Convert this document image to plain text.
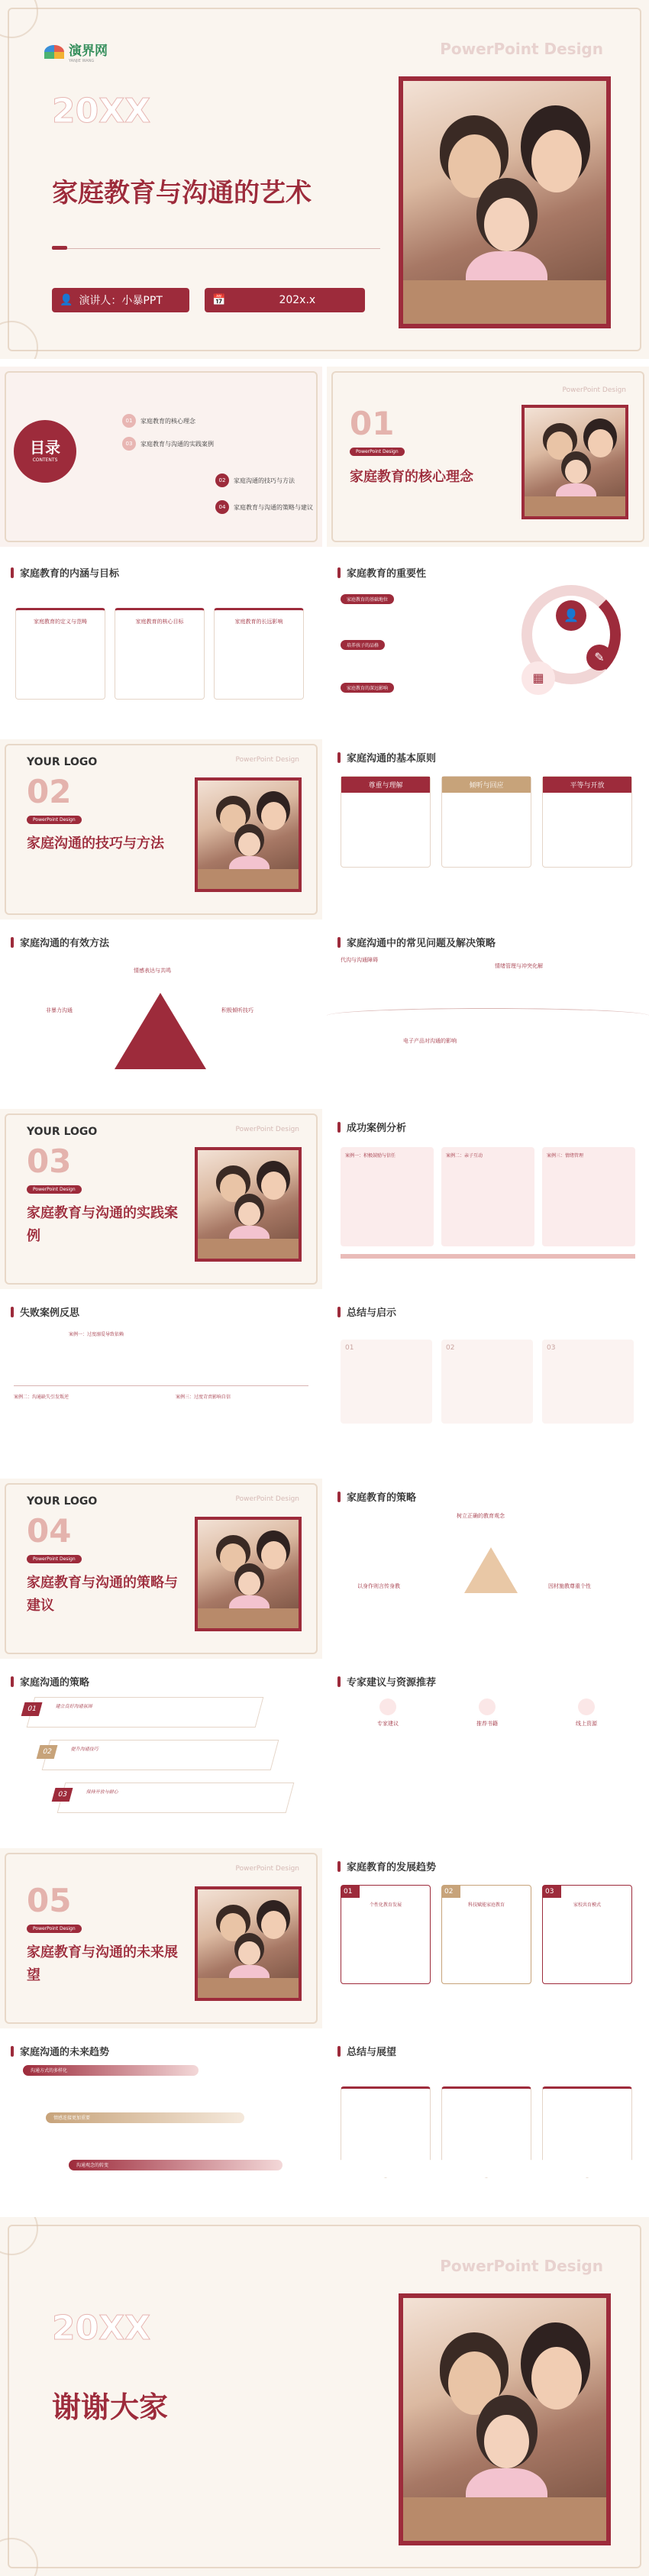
演界网
YANJIE WANG
PowerPoint Design
20XX
家庭教育与沟通的艺术
👤 演讲人：小暴PPT	📅	202x.x
目录
CONTENTS
01	家庭教育的核心理念
03	家庭教育与沟通的实践案例
02	家庭沟通的技巧与方法
04	家庭教育与沟通的策略与建议
PowerPoint Design
01
PowerPoint Design
家庭教育的核心理念
家庭教育的内涵与目标
家庭教育的定义与范畴	家庭教育的核心目标	家庭教育的长远影响
家庭教育的重要性
家庭教育的基础地位
培养孩子的品格
家庭教育的深远影响
👤
▦
✎
YOUR LOGO	PowerPoint Design
02
PowerPoint Design
家庭沟通的技巧与方法
家庭沟通的基本原则
尊重与理解	倾听与回应	平等与开放
家庭沟通的有效方法
非暴力沟通	积极倾听技巧
情感表达与共鸣
家庭沟通中的常见问题及解决策略
代沟与沟通障碍
情绪管理与冲突化解
电子产品对沟通的影响
YOUR LOGO	PowerPoint Design
03
PowerPoint Design
家庭教育与沟通的实践案例
成功案例分析
案例一：积极鼓励与信任	案例二：亲子互动	案例三：情绪管理
失败案例反思
案例一：过度溺爱导致依赖
案例二：沟通缺失引发叛逆	案例三：过度苛责影响自信
总结与启示
01	02	03
YOUR LOGO	PowerPoint Design
04
PowerPoint Design
家庭教育与沟通的策略与建议
家庭教育的策略
树立正确的教育观念
以身作则言传身教	因材施教尊重个性
家庭沟通的策略
01	建立良好沟通氛围
02	提升沟通技巧
03	保持开放与耐心
专家建议与资源推荐
专家建议	推荐书籍	线上资源
PowerPoint Design
05
PowerPoint Design
家庭教育与沟通的未来展望
家庭教育的发展趋势
01
个性化教育发展
02
科技赋能家庭教育
03
家校共育模式
家庭沟通的未来趋势
沟通方式的多样化
情感连接更加重要
沟通观念的转变
总结与展望
PowerPoint Design
20XX
谢谢大家
